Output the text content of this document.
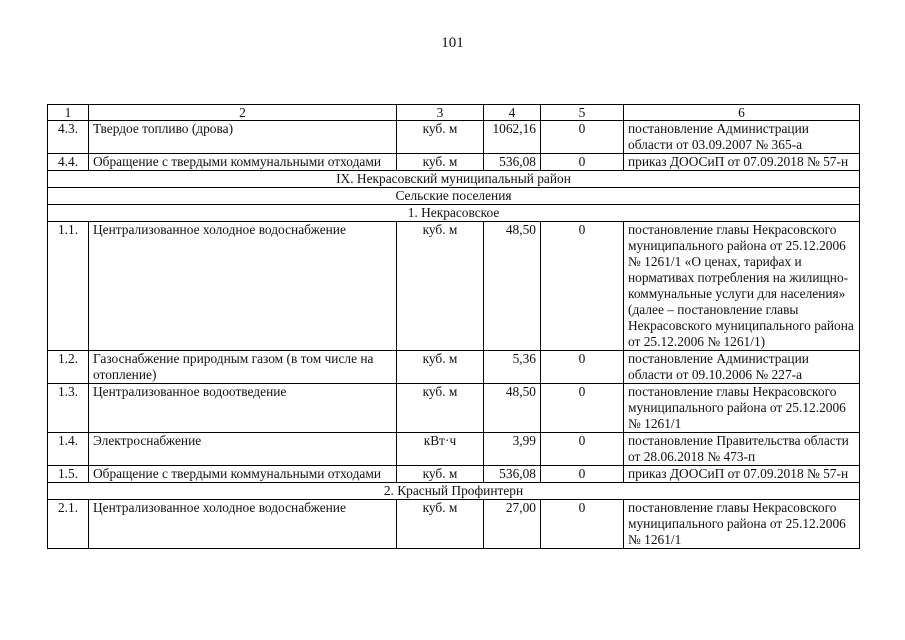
101
1	2	3	4	5	6
4.3.	Твердое топливо (дрова)	куб. м	1062,16	0	постановление Администрации области от 03.09.2007 № 365-а
4.4.	Обращение с твердыми коммунальными отходами	куб. м	536,08	0	приказ ДООСиП от 07.09.2018 № 57-н
IX. Некрасовский муниципальный район					
Сельские поселения					
1. Некрасовское					
1.1.	Централизованное холодное водоснабжение	куб. м	48,50	0	постановление главы Некрасовского муниципального района от 25.12.2006 № 1261/1 «О ценах, тарифах и нормативах потребления на жилищно-коммунальные услуги для населения» (далее – постановление главы Некрасовского муниципального района от 25.12.2006 № 1261/1)
1.2.	Газоснабжение природным газом (в том числе на отопление)	куб. м	5,36	0	постановление Администрации области от 09.10.2006 № 227-а
1.3.	Централизованное водоотведение	куб. м	48,50	0	постановление главы Некрасовского муниципального района от 25.12.2006 № 1261/1
1.4.	Электроснабжение	кВт·ч	3,99	0	постановление Правительства области от 28.06.2018 № 473-п
1.5.	Обращение с твердыми коммунальными отходами	куб. м	536,08	0	приказ ДООСиП от 07.09.2018 № 57-н
2. Красный Профинтерн					
2.1.	Централизованное холодное водоснабжение	куб. м	27,00	0	постановление главы Некрасовского муниципального района от 25.12.2006 № 1261/1
